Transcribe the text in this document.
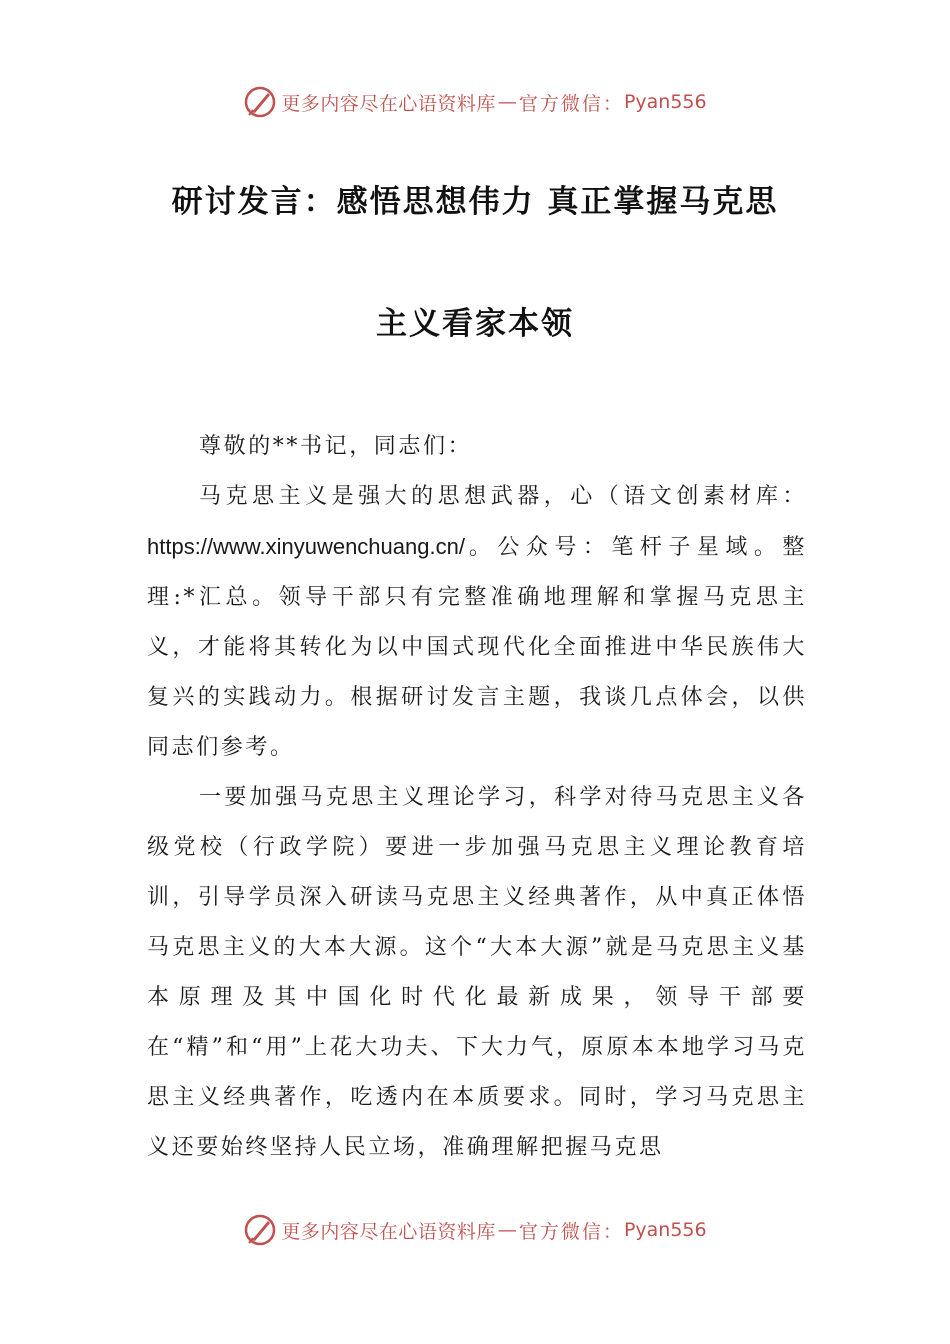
更多内容尽在心语资料库 — 官方微信： Pyan556
研讨发言：感悟思想伟力 真正掌握马克思
主义看家本领

尊敬的**书记，同志们：

马克思主义是强大的思想武器，心（语文创素材库：https://www.xinyuwenchuang.cn/。公众号：笔杆子星域。整理:*汇总。领导干部只有完整准确地理解和掌握马克思主义，才能将其转化为以中国式现代化全面推进中华民族伟大复兴的实践动力。根据研讨发言主题，我谈几点体会，以供同志们参考。

一要加强马克思主义理论学习，科学对待马克思主义各级党校（行政学院）要进一步加强马克思主义理论教育培训，引导学员深入研读马克思主义经典著作，从中真正体悟马克思主义的大本大源。这个“大本大源”就是马克思主义基本原理及其中国化时代化最新成果，领导干部要在“精”和“用”上花大功夫、下大力气，原原本本地学习马克思主义经典著作，吃透内在本质要求。同时，学习马克思主义还要始终坚持人民立场，准确理解把握马克思

更多内容尽在心语资料库 — 官方微信： Pyan556
